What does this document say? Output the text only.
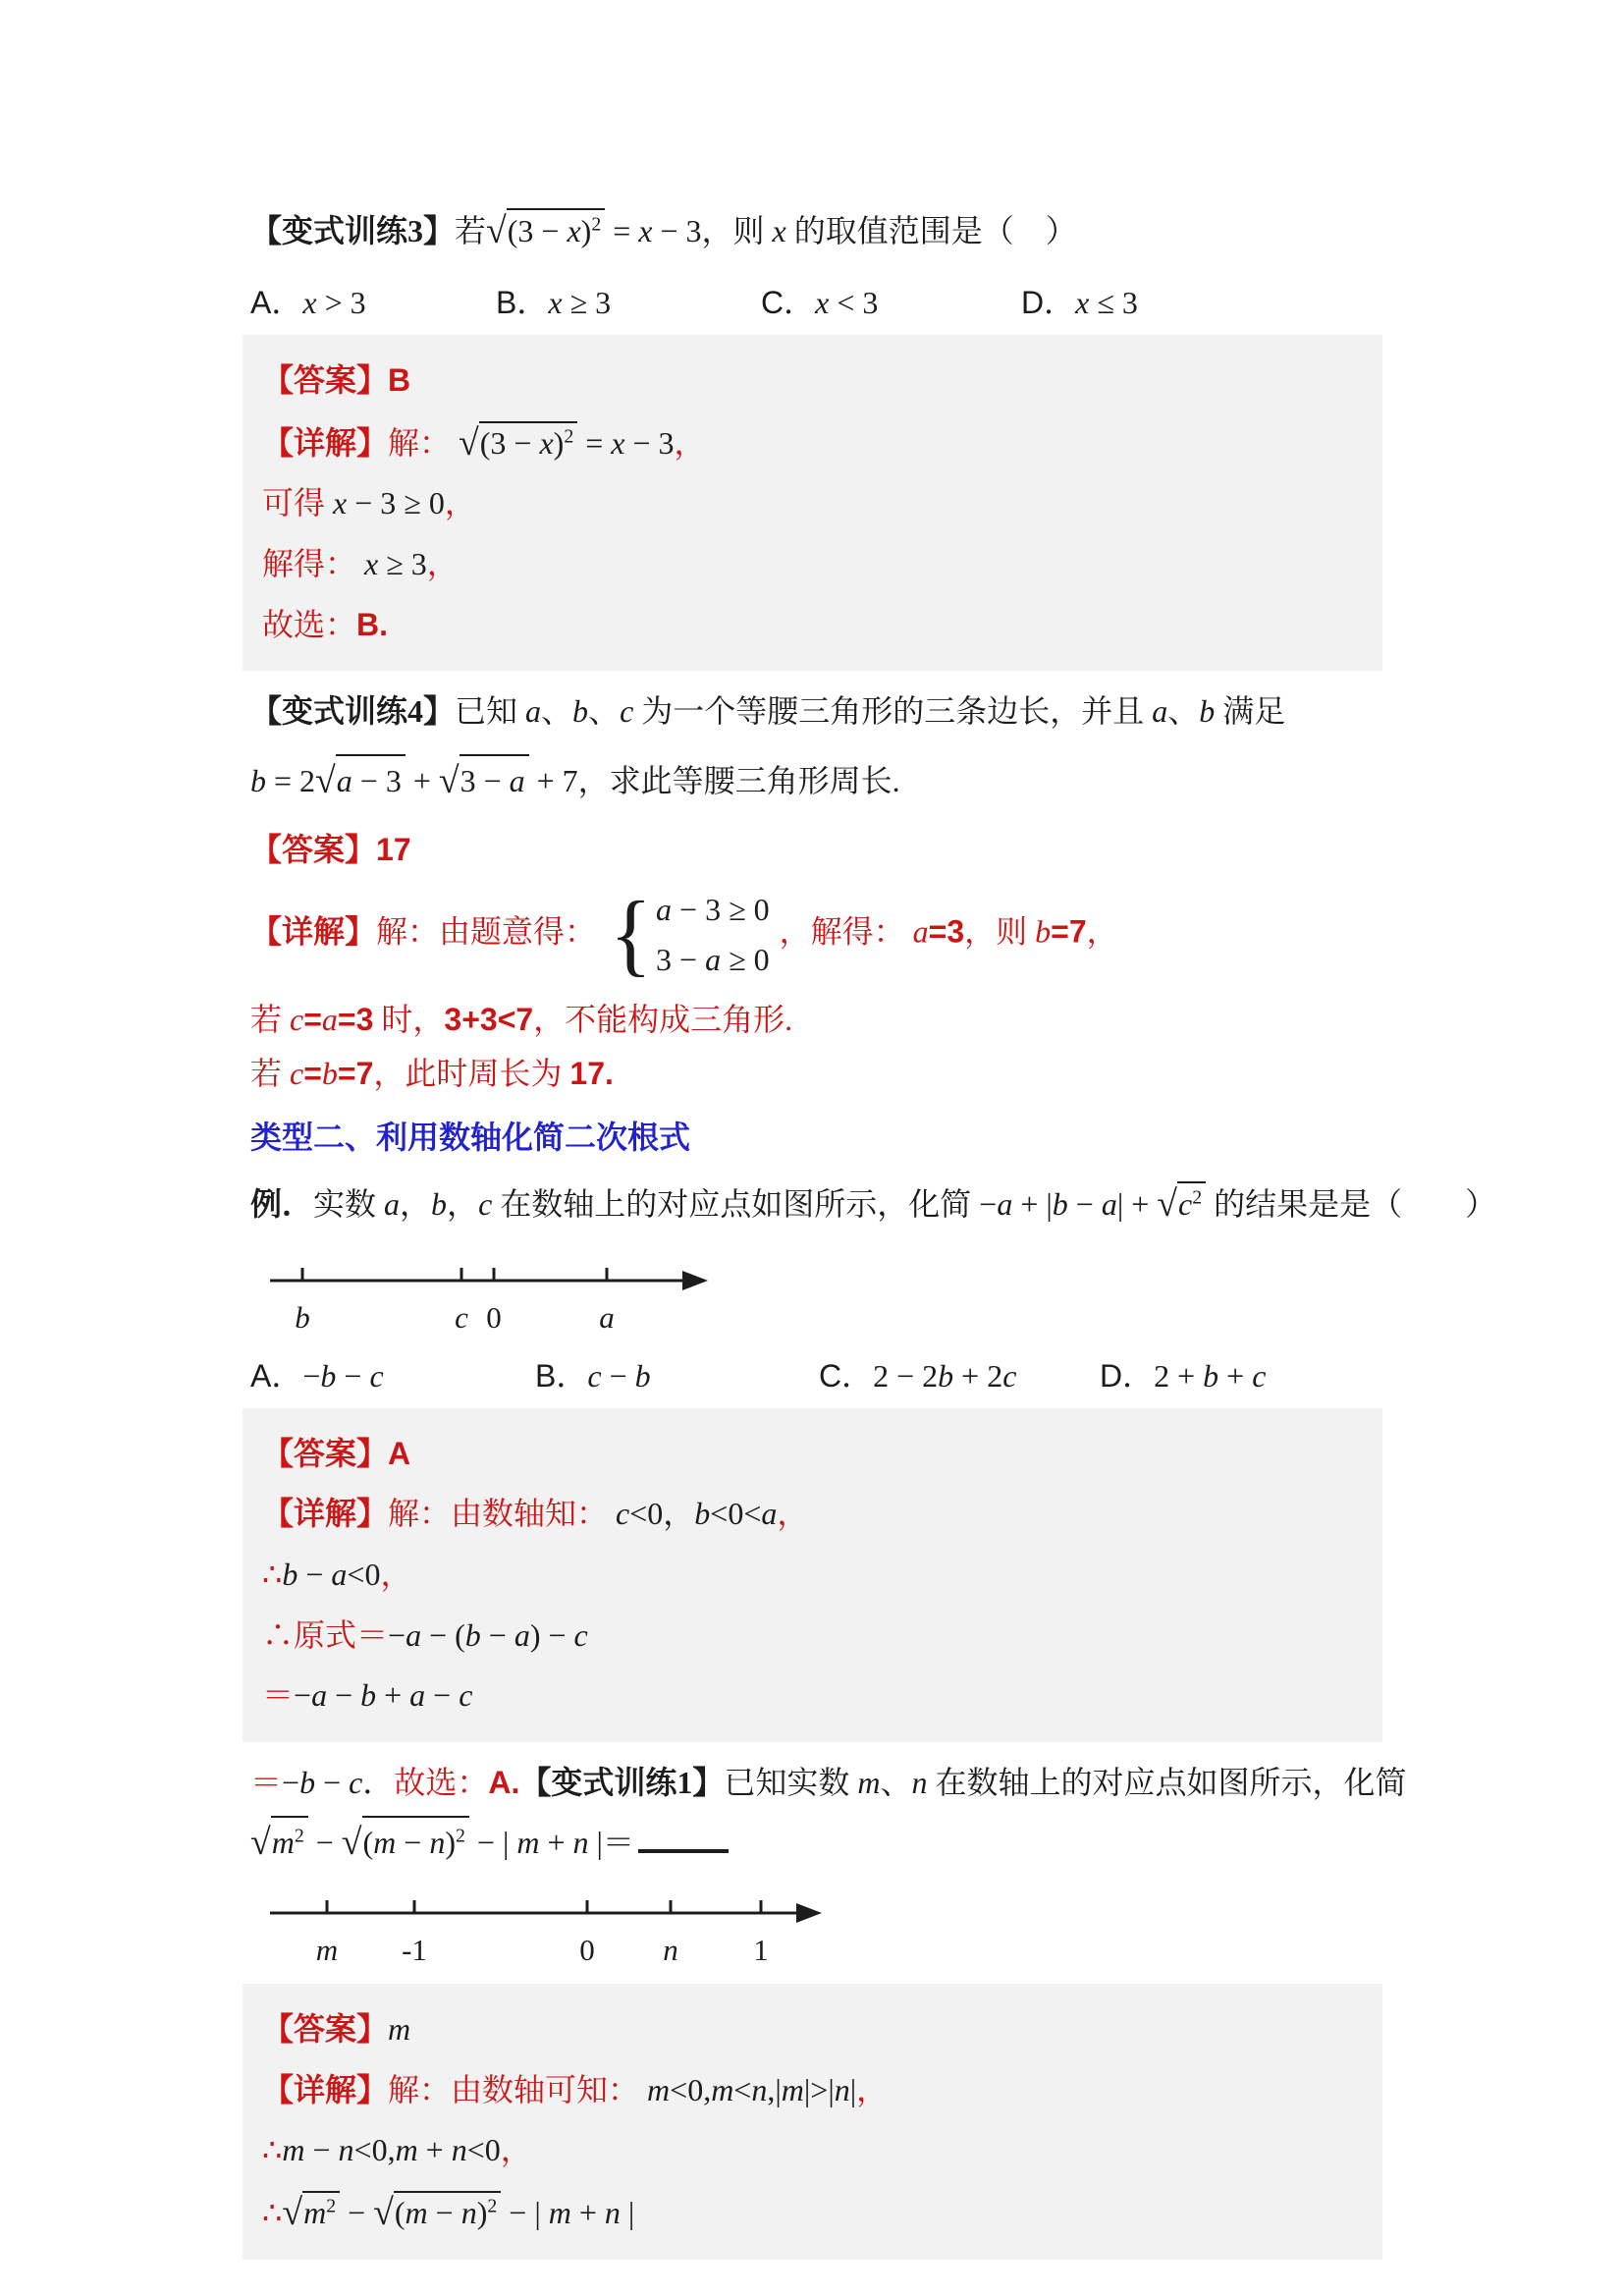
【变式训练3】若 √ $(3 - x)^2 = x - 3$，则 x 的取值范围是（　）
A．x > 3	B．x ≥ 3	C．x < 3	D．x ≤ 3
【答案】B
【详解】解： √ $(3 - x)^2 = x - 3$，
可得 x − 3 ≥ 0，
解得： x ≥ 3，
故选：B.
【变式训练4】已知 a、b、c 为一个等腰三角形的三条边长，并且 a、b 满足
b = 2 √ a − 3 + √ 3 − a + 7，求此等腰三角形周长.
【答案】17
【详解】解：由题意得： { a − 3 ≥ 0
3 − a ≥ 0
，解得： a=3，则 b=7，
若 c=a=3 时，3+3<7，不能构成三角形.
若 c=b=7，此时周长为 17.
类型二、利用数轴化简二次根式
例．实数 a，b，c 在数轴上的对应点如图所示，化简 −a + |b − a| + √ $c^2$ 的结果是是（　　）
b	c 0	a
A．−b − c	B．c − b	C．2 − 2b + 2c	D．2 + b + c
【答案】A
【详解】解：由数轴知： c<0，b<0<a，
∴b − a<0，
∴原式＝−a − (b − a) − c
＝−a − b + a − c
＝−b − c．故选：A.【变式训练1】已知实数 m、n 在数轴上的对应点如图所示，化简
√ $m^2$ − √ $(m - n)^2$ − | m + n |＝
m -1	0 n 1
【答案】m
【详解】解：由数轴可知： m<0,m<n,|m|>|n|，
∴m − n<0,m + n<0，
∴ √ $m^2$ − √ $(m - n)^2$ − | m + n |
